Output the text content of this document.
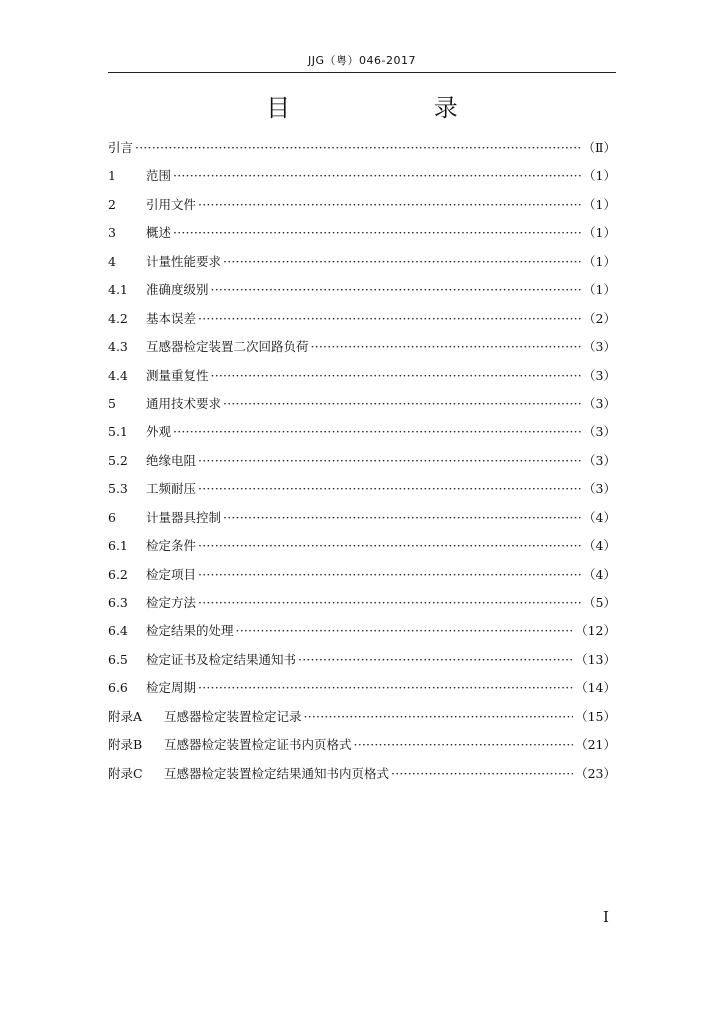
JJG（粤）046-2017
目 录
引言 ·····	（Ⅱ）
1	范围 ·····	（1）
2	引用文件 ·····	（1）
3	概述 ·····	（1）
4	计量性能要求 ·····	（1）
4.1	准确度级别 ·····	（1）
4.2	基本误差 ·····	（2）
4.3	互感器检定装置二次回路负荷 ·····	（3）
4.4	测量重复性 ·····	（3）
5	通用技术要求 ·····	（3）
5.1	外观 ·····	（3）
5.2	绝缘电阻 ·····	（3）
5.3	工频耐压 ·····	（3）
6	计量器具控制 ·····	（4）
6.1	检定条件 ·····	（4）
6.2	检定项目 ·····	（4）
6.3	检定方法 ·····	（5）
6.4	检定结果的处理 ·····	（12）
6.5	检定证书及检定结果通知书 ·····	（13）
6.6	检定周期 ·····	（14）
附录A	互感器检定装置检定记录 ·····	（15）
附录B	互感器检定装置检定证书内页格式 ·····	（21）
附录C	互感器检定装置检定结果通知书内页格式 ·····	（23）
I
